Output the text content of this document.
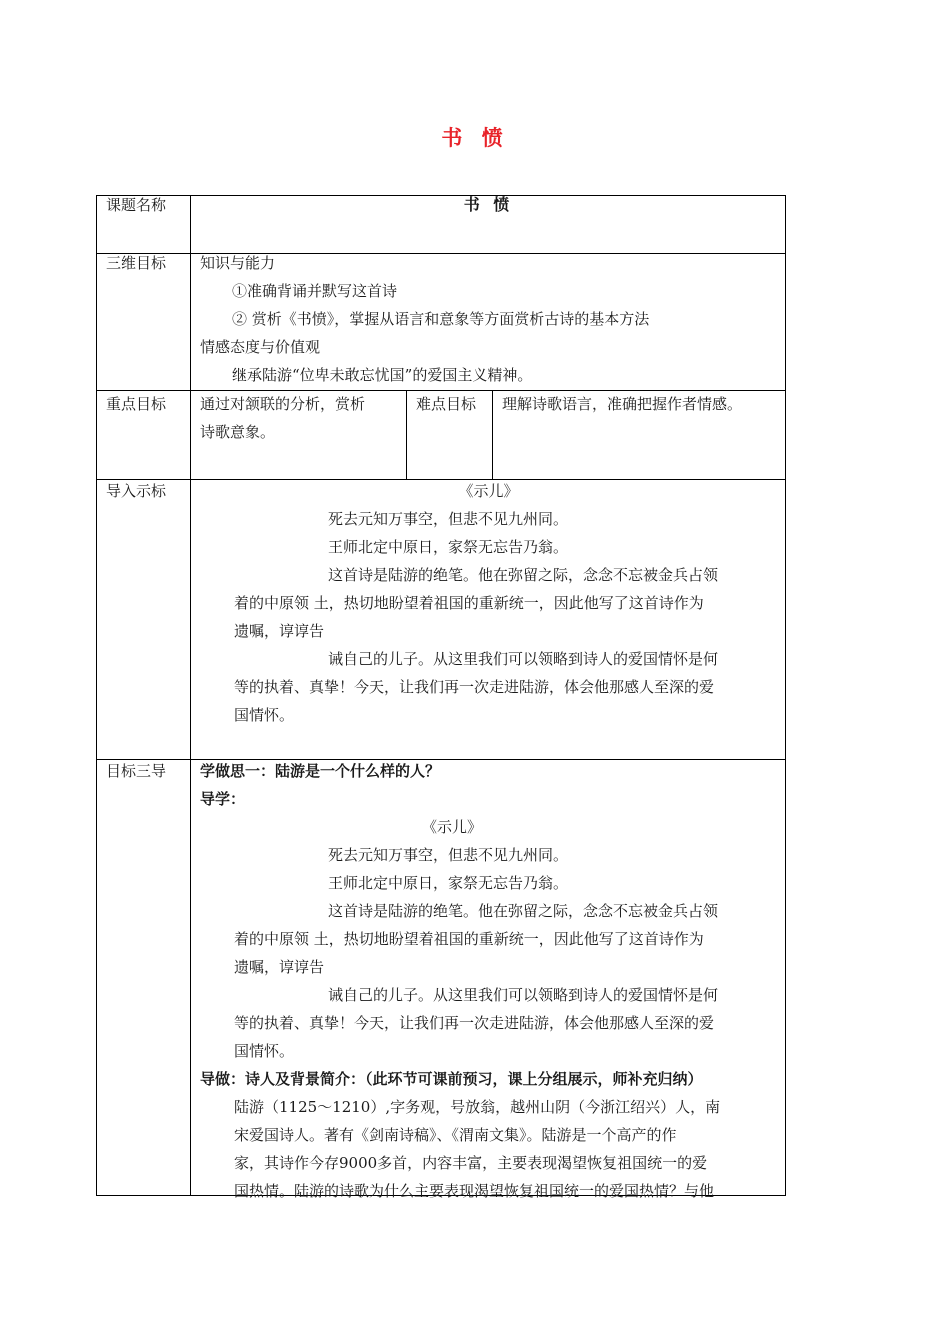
书 愤
课题名称	书 愤
三维目标 知识与能力
①准确背诵并默写这首诗
② 赏析《书愤》，掌握从语言和意象等方面赏析古诗的基本方法
情感态度与价值观
继承陆游“位卑未敢忘忧国”的爱国主义精神。
重点目标 通过对颔联的分析，赏析
诗歌意象。
难点目标 理解诗歌语言，准确把握作者情感。
导入示标	《示儿》
死去元知万事空，但悲不见九州同。
王师北定中原日，家祭无忘告乃翁。
这首诗是陆游的绝笔。他在弥留之际，念念不忘被金兵占领
着的中原领 土，热切地盼望着祖国的重新统一，因此他写了这首诗作为
遗嘱，谆谆告
诫自己的儿子。从这里我们可以领略到诗人的爱国情怀是何
等的执着、真挚！今天，让我们再一次走进陆游，体会他那感人至深的爱
国情怀。
目标三导 学做思一：陆游是一个什么样的人？
导学：
《示儿》
死去元知万事空，但悲不见九州同。
王师北定中原日，家祭无忘告乃翁。
这首诗是陆游的绝笔。他在弥留之际，念念不忘被金兵占领
着的中原领 土，热切地盼望着祖国的重新统一，因此他写了这首诗作为
遗嘱，谆谆告
诫自己的儿子。从这里我们可以领略到诗人的爱国情怀是何
等的执着、真挚！今天，让我们再一次走进陆游，体会他那感人至深的爱
国情怀。
导做：诗人及背景简介：（此环节可课前预习，课上分组展示，师补充归纳）
陆游（1125～1210）,字务观，号放翁，越州山阴（今浙江绍兴）人，南
宋爱国诗人。著有《剑南诗稿》、《渭南文集》。陆游是一个高产的作
家，其诗作今存9000多首，内容丰富，主要表现渴望恢复祖国统一的爱
国热情。陆游的诗歌为什么主要表现渴望恢复祖国统一的爱国热情？与他
